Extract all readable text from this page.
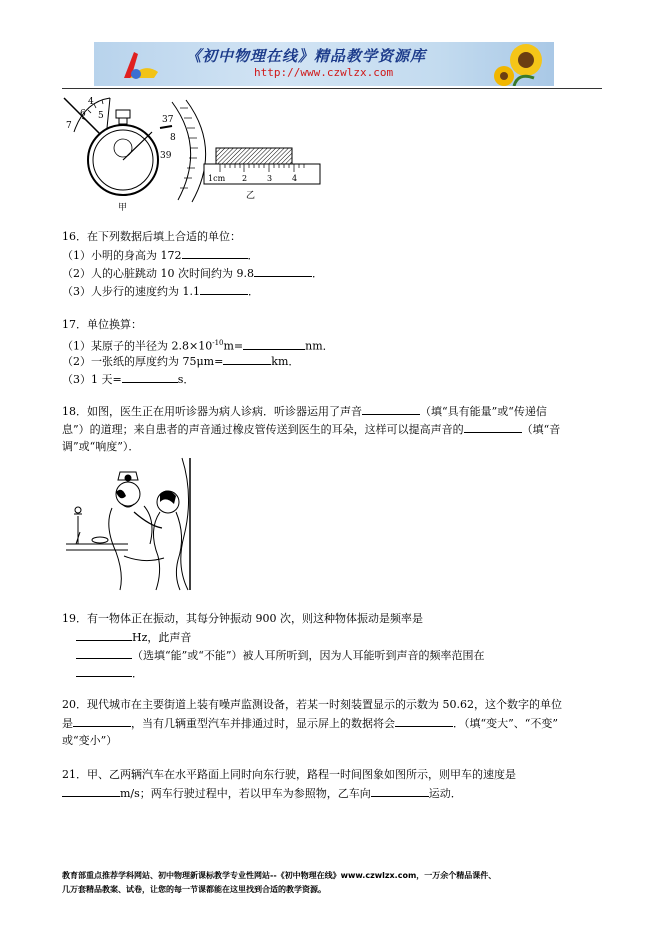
《初中物理在线》精品教学资源库
http://www.czwlzx.com
4
6
7
5	37
8
39
甲
1cm 2 3 4
乙
16．在下列数据后填上合适的单位：
（1）小明的身高为 172	．
（2）人的心脏跳动 10 次时间约为 9.8	．
（3）人步行的速度约为 1.1	．
17．单位换算：
（1）某原子的半径为 $2.8\times 10^{-10}m=$	nm．
（2）一张纸的厚度约为 75μm=	km．
（3）1 天=	s．
18．如图，医生正在用听诊器为病人诊病．听诊器运用了声音	（填“具有能量”或“传递信
息”）的道理；来自患者的声音通过橡皮管传送到医生的耳朵，这样可以提高声音的	（填“音
调”或“响度”）．
19．有一物体正在振动，其每分钟振动 900 次，则这种物体振动是频率是
Hz，此声音
（选填“能”或“不能”）被人耳所听到，因为人耳能听到声音的频率范围在
．
20．现代城市在主要街道上装有噪声监测设备，若某一时刻装置显示的示数为 50.62，这个数字的单位
是	，当有几辆重型汽车并排通过时，显示屏上的数据将会	．（填“变大”、“不变”
或“变小”）
21．甲、乙两辆汽车在水平路面上同时向东行驶，路程一时间图象如图所示，则甲车的速度是
m/s；两车行驶过程中，若以甲车为参照物，乙车向	运动．
教育部重点推荐学科网站、初中物理新课标教学专业性网站--《初中物理在线》www.czwlzx.com，一万余个精品课件、
几万套精品教案、试卷，让您的每一节课都能在这里找到合适的教学资源。
